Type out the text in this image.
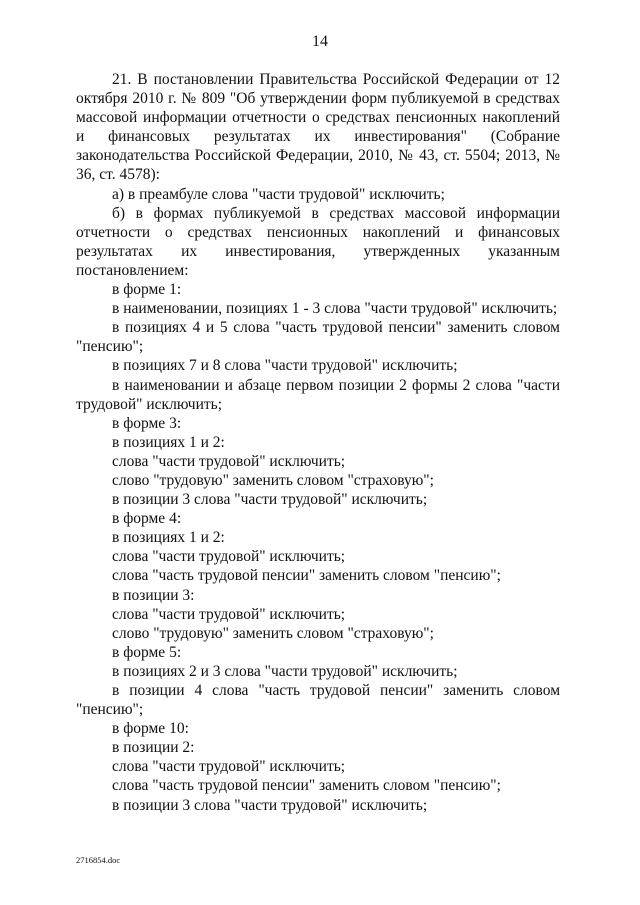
14

21. В постановлении Правительства Российской Федерации от 12 октября 2010 г. № 809 "Об утверждении форм публикуемой в средствах массовой информации отчетности о средствах пенсионных накоплений и финансовых результатах их инвестирования" (Собрание законодательства Российской Федерации, 2010, № 43, ст. 5504; 2013, № 36, ст. 4578):

а) в преамбуле слова "части трудовой" исключить;

б) в формах публикуемой в средствах массовой информации отчетности о средствах пенсионных накоплений и финансовых результатах их инвестирования, утвержденных указанным постановлением:

в форме 1:

в наименовании, позициях 1 - 3 слова "части трудовой" исключить;

в позициях 4 и 5 слова "часть трудовой пенсии" заменить словом "пенсию";

в позициях 7 и 8 слова "части трудовой" исключить;

в наименовании и абзаце первом позиции 2 формы 2 слова "части трудовой" исключить;

в форме 3:

в позициях 1 и 2:

слова "части трудовой" исключить;

слово "трудовую" заменить словом "страховую";

в позиции 3 слова "части трудовой" исключить;

в форме 4:

в позициях 1 и 2:

слова "части трудовой" исключить;

слова "часть трудовой пенсии" заменить словом "пенсию";

в позиции 3:

слова "части трудовой" исключить;

слово "трудовую" заменить словом "страховую";

в форме 5:

в позициях 2 и 3 слова "части трудовой" исключить;

в позиции 4 слова "часть трудовой пенсии" заменить словом "пенсию";

в форме 10:

в позиции 2:

слова "части трудовой" исключить;

слова "часть трудовой пенсии" заменить словом "пенсию";

в позиции 3 слова "части трудовой" исключить;

2716854.doc
